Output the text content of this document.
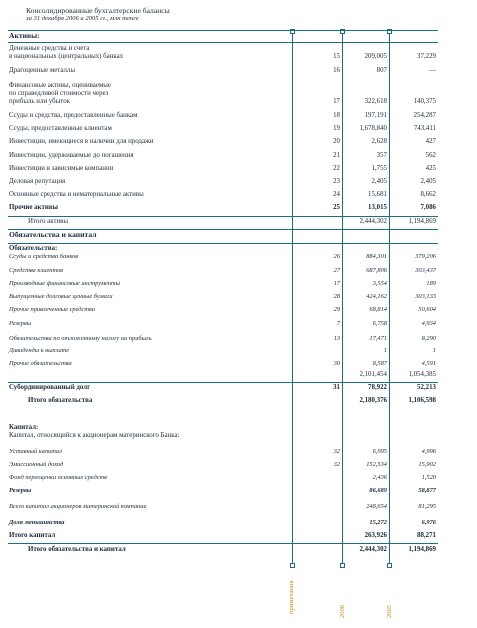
Консолидированные бухгалтерские балансы
за 31 декабря 2006 и 2005 гг., млн тенге
Активы:
Денежные средства и счета
в национальных (центральных) банках	15	209,005	37,229
Драгоценные металлы	16	807	—
Финансовые активы, оцениваемые
по справедливой стоимости через
прибыль или убыток	17	322,618	140,375
Ссуды и средства, предоставленные банкам	18	197,191	254,287
Ссуды, предоставленные клиентам	19	1,678,840	743,411
Инвестиции, имеющиеся в наличии для продажи	20	2,628	427
Инвестиции, удерживаемые до погашения	21	357	562
Инвестиции в зависимые компании	22	1,755	425
Деловая репутация	23	2,405	2,405
Основные средства и нематериальные активы	24	15,681	8,662
Прочие активы	25	13,015	7,086
Итого активы	2,444,302	1,194,869
Обязательства и капитал
Обязательства:
Ссуды и средства банков	26	884,301	379,206
Средства клиентов	27	687,806	303,437
Производные финансовые инструменты	17	3,554	189
Выпущенные долговые ценные бумаги	28	424,162	303,133
Прочие привлеченные средства	29	68,814	50,604
Резервы	7	6,758	4,934
Обязательства по отложенному налогу на прибыль	13	17,471	8,290
Дивиденды к выплате	1	1
Прочие обязательства	30	8,587	4,591
2,101,454	1,054,385
Субординированный долг	31	78,922	52,213
Итого обязательства	2,180,376	1,106,598
Капитал:
Капитал, относящийся к акционерам материнского Банка:
Уставный капитал	32	6,995	4,996
Эмиссионный доход	32	152,534	15,902
Фонд переоценки основных средств	2,436	1,520
Резервы	86,689	58,877
Всего капитал акционеров материнской компании	248,654	81,295
Доля меньшинства	15,272	6,976
Итого капитал	263,926	88,271
Итого обязательства и капитал	2,444,302	1,194,869
примечания	2006	2005
